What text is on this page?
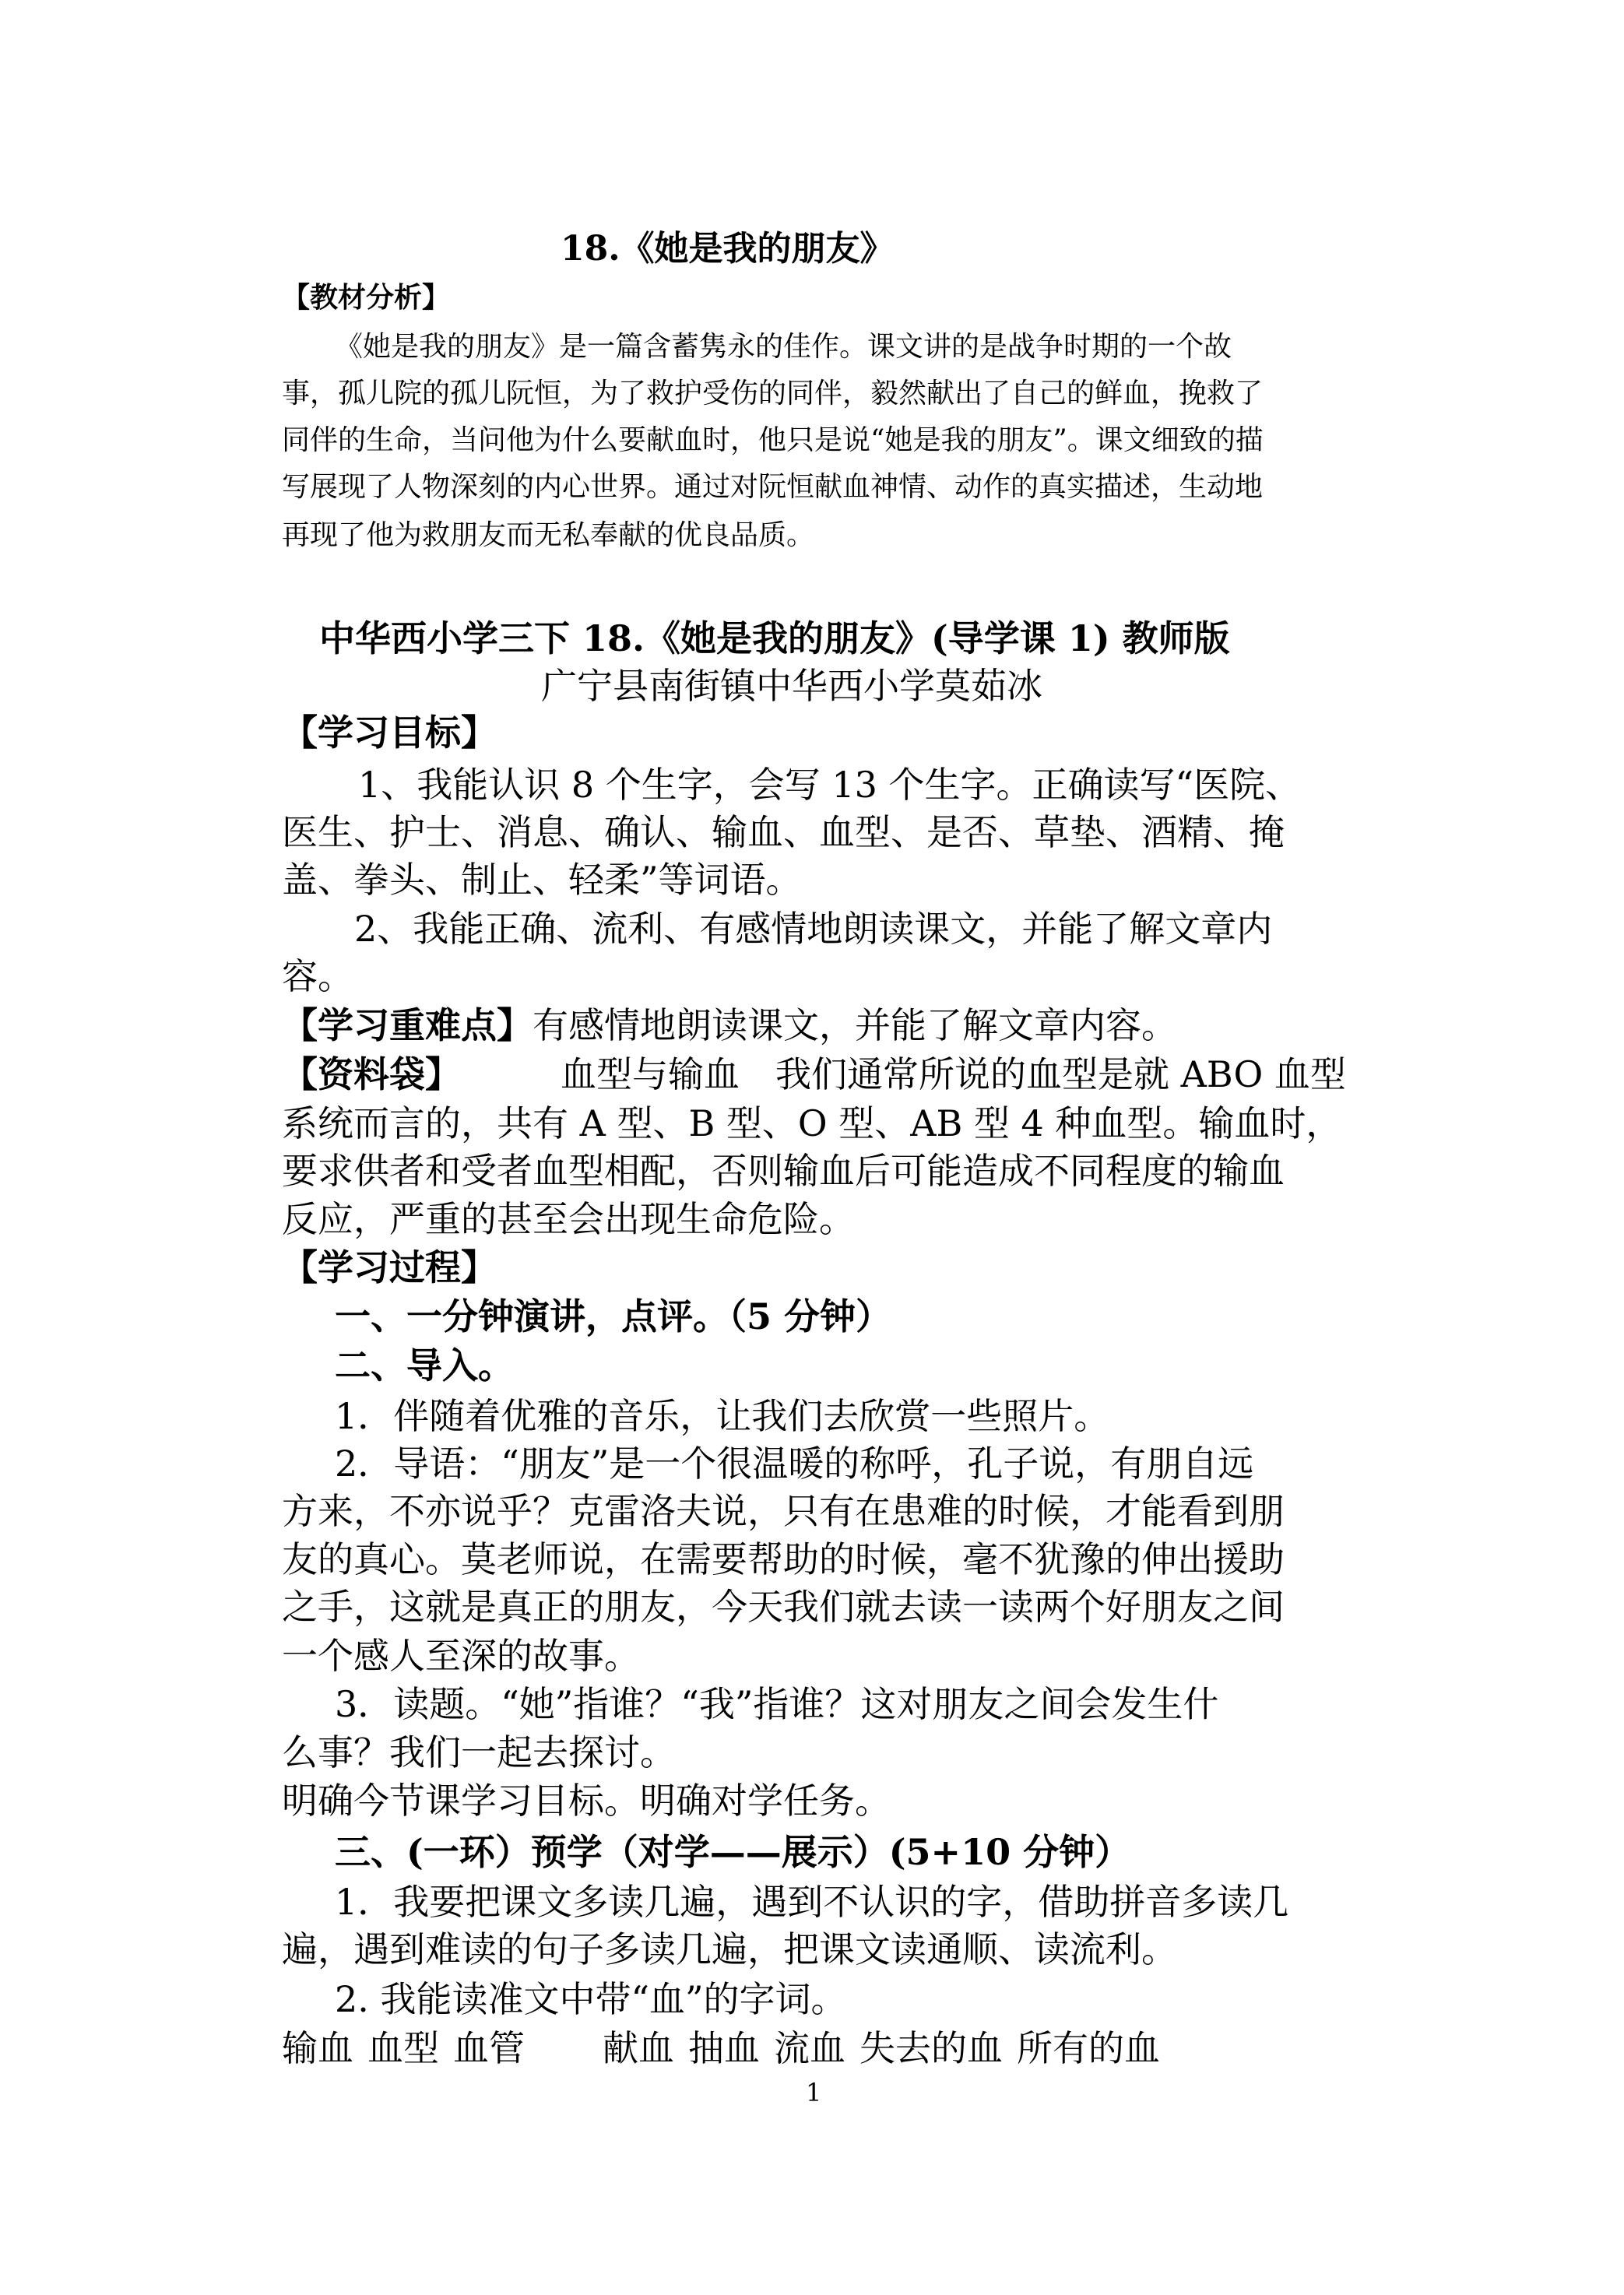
18.《她是我的朋友》
【教材分析】
《她是我的朋友》是一篇含蓄隽永的佳作。课文讲的是战争时期的一个故
事，孤儿院的孤儿阮恒，为了救护受伤的同伴，毅然献出了自己的鲜血，挽救了
同伴的生命，当问他为什么要献血时，他只是说“她是我的朋友”。课文细致的描
写展现了人物深刻的内心世界。通过对阮恒献血神情、动作的真实描述，生动地
再现了他为救朋友而无私奉献的优良品质。
中华西小学三下 18.《她是我的朋友》(导学课 1) 教师版
广宁县南街镇中华西小学莫茹冰
【学习目标】
1、我能认识 8 个生字，会写 13 个生字。正确读写“医院、
医生、护士、消息、确认、输血、血型、是否、草垫、酒精、掩
盖、拳头、制止、轻柔”等词语。
2、我能正确、流利、有感情地朗读课文，并能了解文章内
容。
【学习重难点】有感情地朗读课文，并能了解文章内容。
【资料袋】	血型与输血　我们通常所说的血型是就 ABO 血型
系统而言的，共有 A 型、B 型、O 型、AB 型 4 种血型。输血时，
要求供者和受者血型相配，否则输血后可能造成不同程度的输血
反应，严重的甚至会出现生命危险。
【学习过程】
一、一分钟演讲，点评。（5 分钟）
二、导入。
1．伴随着优雅的音乐，让我们去欣赏一些照片。
2．导语：“朋友”是一个很温暖的称呼，孔子说，有朋自远
方来，不亦说乎？克雷洛夫说，只有在患难的时候，才能看到朋
友的真心。莫老师说，在需要帮助的时候，毫不犹豫的伸出援助
之手，这就是真正的朋友，今天我们就去读一读两个好朋友之间
一个感人至深的故事。
3．读题。“她”指谁？“我”指谁？这对朋友之间会发生什
么事？我们一起去探讨。
明确今节课学习目标。明确对学任务。
三、(一环）预学（对学——展示）(5+10 分钟）
1．我要把课文多读几遍，遇到不认识的字，借助拼音多读几
遍，遇到难读的句子多读几遍，把课文读通顺、读流利。
2. 我能读准文中带“血”的字词。
输血 血型 血管 献血 抽血 流血 失去的血 所有的血
1
